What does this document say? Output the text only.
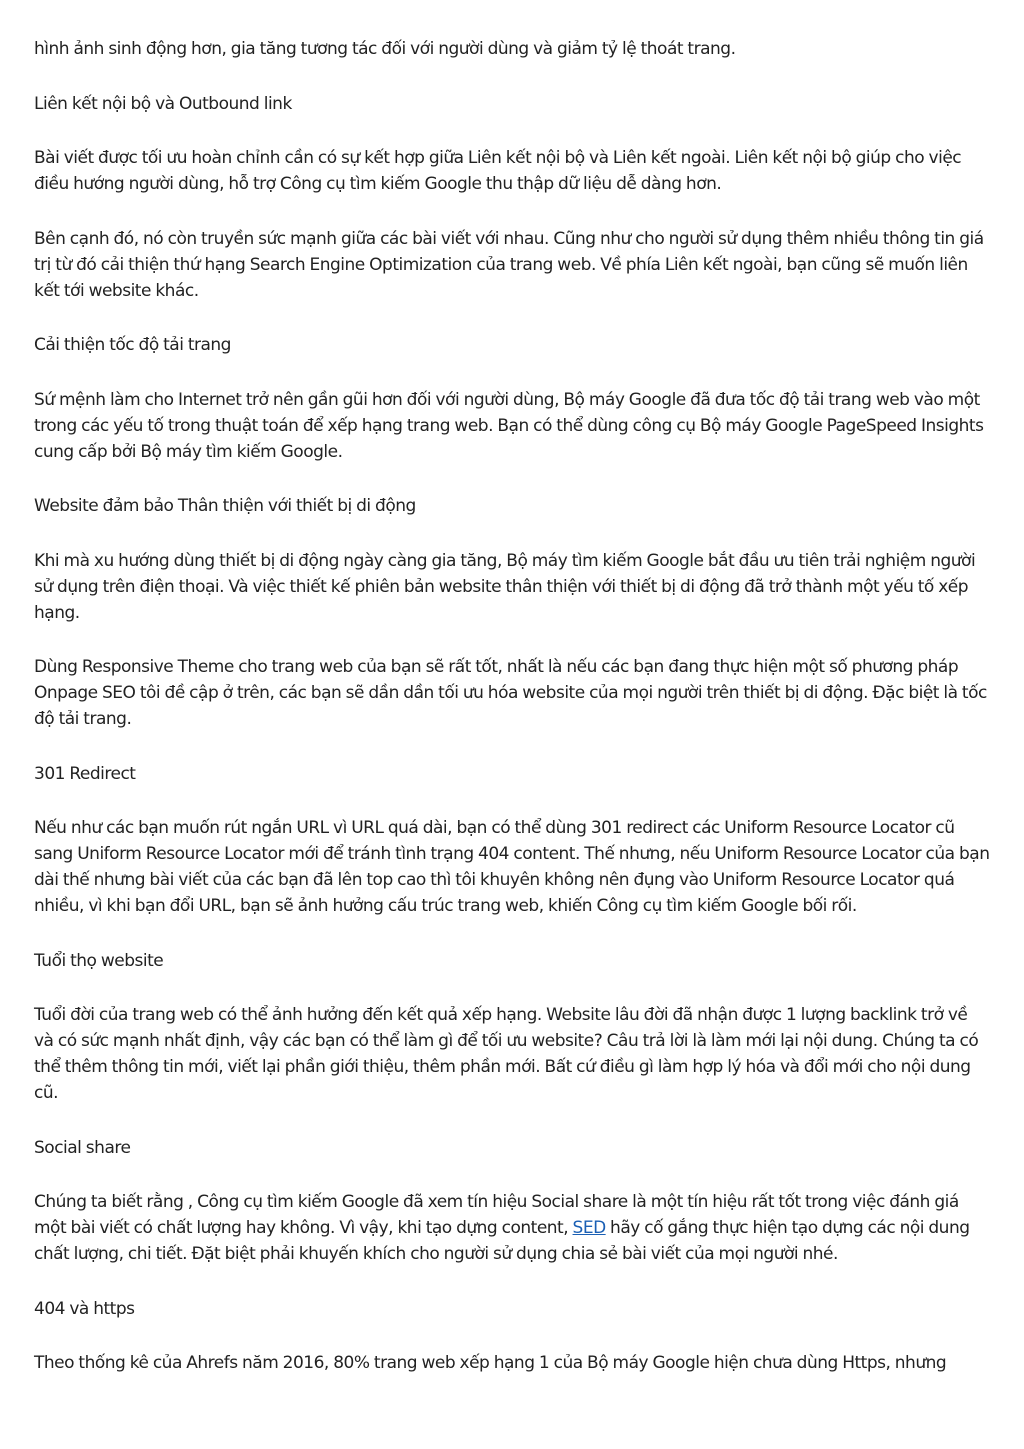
hình ảnh sinh động hơn, gia tăng tương tác đối với người dùng và giảm tỷ lệ thoát trang.

Liên kết nội bộ và Outbound link

Bài viết được tối ưu hoàn chỉnh cần có sự kết hợp giữa Liên kết nội bộ và Liên kết ngoài. Liên kết nội bộ giúp cho việc điều hướng người dùng, hỗ trợ Công cụ tìm kiếm Google thu thập dữ liệu dễ dàng hơn.

Bên cạnh đó, nó còn truyền sức mạnh giữa các bài viết với nhau. Cũng như cho người sử dụng thêm nhiều thông tin giá trị từ đó cải thiện thứ hạng Search Engine Optimization của trang web. Về phía Liên kết ngoài, bạn cũng sẽ muốn liên kết tới website khác.

Cải thiện tốc độ tải trang

Sứ mệnh làm cho Internet trở nên gần gũi hơn đối với người dùng, Bộ máy Google đã đưa tốc độ tải trang web vào một trong các yếu tố trong thuật toán để xếp hạng trang web. Bạn có thể dùng công cụ Bộ máy Google PageSpeed Insights cung cấp bởi Bộ máy tìm kiếm Google.

Website đảm bảo Thân thiện với thiết bị di động

Khi mà xu hướng dùng thiết bị di động ngày càng gia tăng, Bộ máy tìm kiếm Google bắt đầu ưu tiên trải nghiệm người sử dụng trên điện thoại. Và việc thiết kế phiên bản website thân thiện với thiết bị di động đã trở thành một yếu tố xếp hạng.

Dùng Responsive Theme cho trang web của bạn sẽ rất tốt, nhất là nếu các bạn đang thực hiện một số phương pháp Onpage SEO tôi đề cập ở trên, các bạn sẽ dần dần tối ưu hóa website của mọi người trên thiết bị di động. Đặc biệt là tốc độ tải trang.

301 Redirect

Nếu như các bạn muốn rút ngắn URL vì URL quá dài, bạn có thể dùng 301 redirect các Uniform Resource Locator cũ sang Uniform Resource Locator mới để tránh tình trạng 404 content. Thế nhưng, nếu Uniform Resource Locator của bạn dài thế nhưng bài viết của các bạn đã lên top cao thì tôi khuyên không nên đụng vào Uniform Resource Locator quá nhiều, vì khi bạn đổi URL, bạn sẽ ảnh hưởng cấu trúc trang web, khiến Công cụ tìm kiếm Google bối rối.

Tuổi thọ website

Tuổi đời của trang web có thể ảnh hưởng đến kết quả xếp hạng. Website lâu đời đã nhận được 1 lượng backlink trở về và có sức mạnh nhất định, vậy các bạn có thể làm gì để tối ưu website? Câu trả lời là làm mới lại nội dung. Chúng ta có thể thêm thông tin mới, viết lại phần giới thiệu, thêm phần mới. Bất cứ điều gì làm hợp lý hóa và đổi mới cho nội dung cũ.

Social share

Chúng ta biết rằng , Công cụ tìm kiếm Google đã xem tín hiệu Social share là một tín hiệu rất tốt trong việc đánh giá một bài viết có chất lượng hay không. Vì vậy, khi tạo dựng content, SED hãy cố gắng thực hiện tạo dựng các nội dung chất lượng, chi tiết. Đặt biệt phải khuyến khích cho người sử dụng chia sẻ bài viết của mọi người nhé.

404 và https

Theo thống kê của Ahrefs năm 2016, 80% trang web xếp hạng 1 của Bộ máy Google hiện chưa dùng Https, nhưng
